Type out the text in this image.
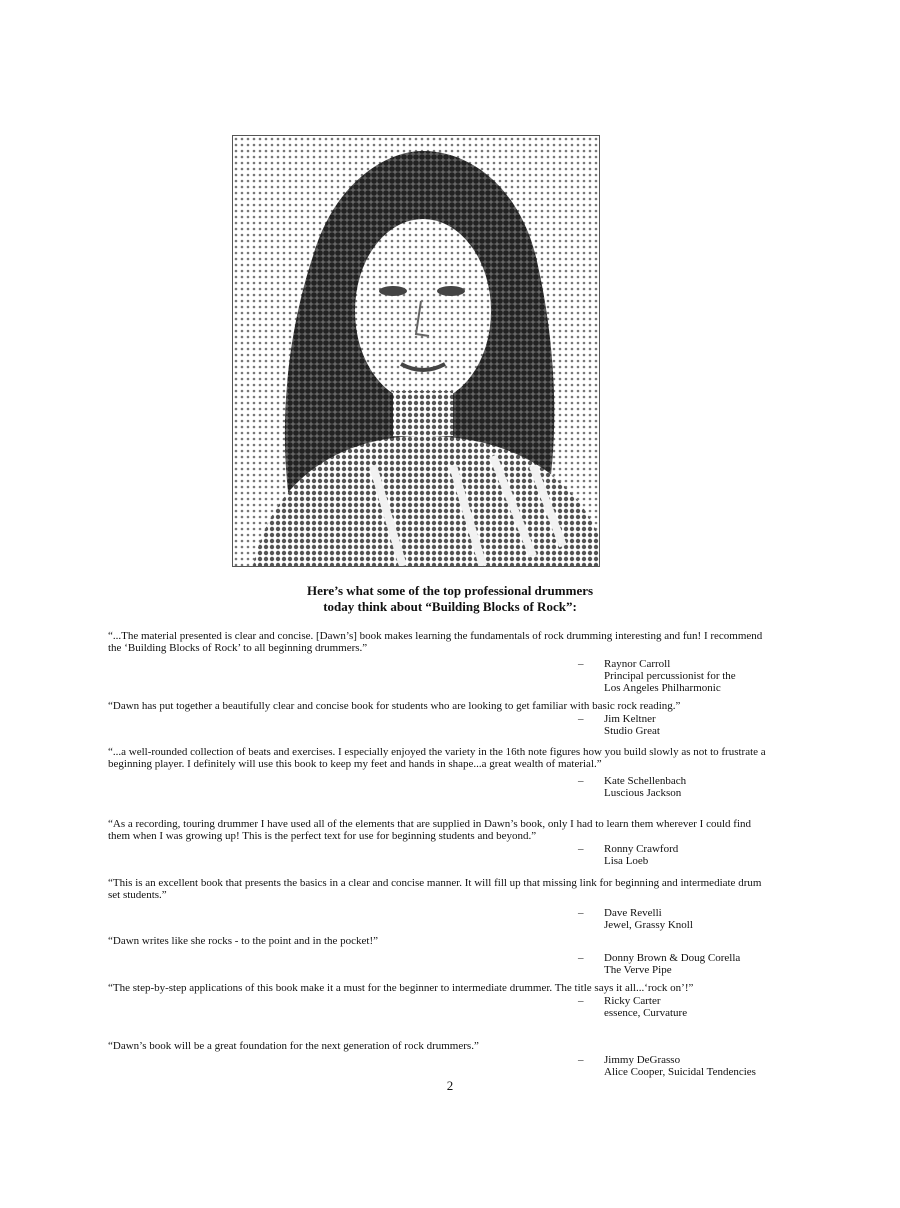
Here’s what some of the top professional drummers
today think about “Building Blocks of Rock”:

“...The material presented is clear and concise. [Dawn’s] book makes learning the fundamentals of rock drumming interesting and fun! I recommend the ‘Building Blocks of Rock’ to all beginning drummers.”

– Raynor Carroll
Principal percussionist for the
Los Angeles Philharmonic

“Dawn has put together a beautifully clear and concise book for students who are looking to get familiar with basic rock reading.”

– Jim Keltner
Studio Great

“...a well-rounded collection of beats and exercises. I especially enjoyed the variety in the 16th note figures how you build slowly as not to frustrate a beginning player. I definitely will use this book to keep my feet and hands in shape...a great wealth of material.”

– Kate Schellenbach
Luscious Jackson

“As a recording, touring drummer I have used all of the elements that are supplied in Dawn’s book, only I had to learn them wherever I could find them when I was growing up! This is the perfect text for use for beginning students and beyond.”

– Ronny Crawford
Lisa Loeb

“This is an excellent book that presents the basics in a clear and concise manner. It will fill up that missing link for beginning and intermediate drum set students.”

– Dave Revelli
Jewel, Grassy Knoll

“Dawn writes like she rocks - to the point and in the pocket!”

– Donny Brown & Doug Corella
The Verve Pipe

“The step-by-step applications of this book make it a must for the beginner to intermediate drummer. The title says it all...‘rock on’!”

– Ricky Carter
essence, Curvature

“Dawn’s book will be a great foundation for the next generation of rock drummers.”

– Jimmy DeGrasso
Alice Cooper, Suicidal Tendencies
2
